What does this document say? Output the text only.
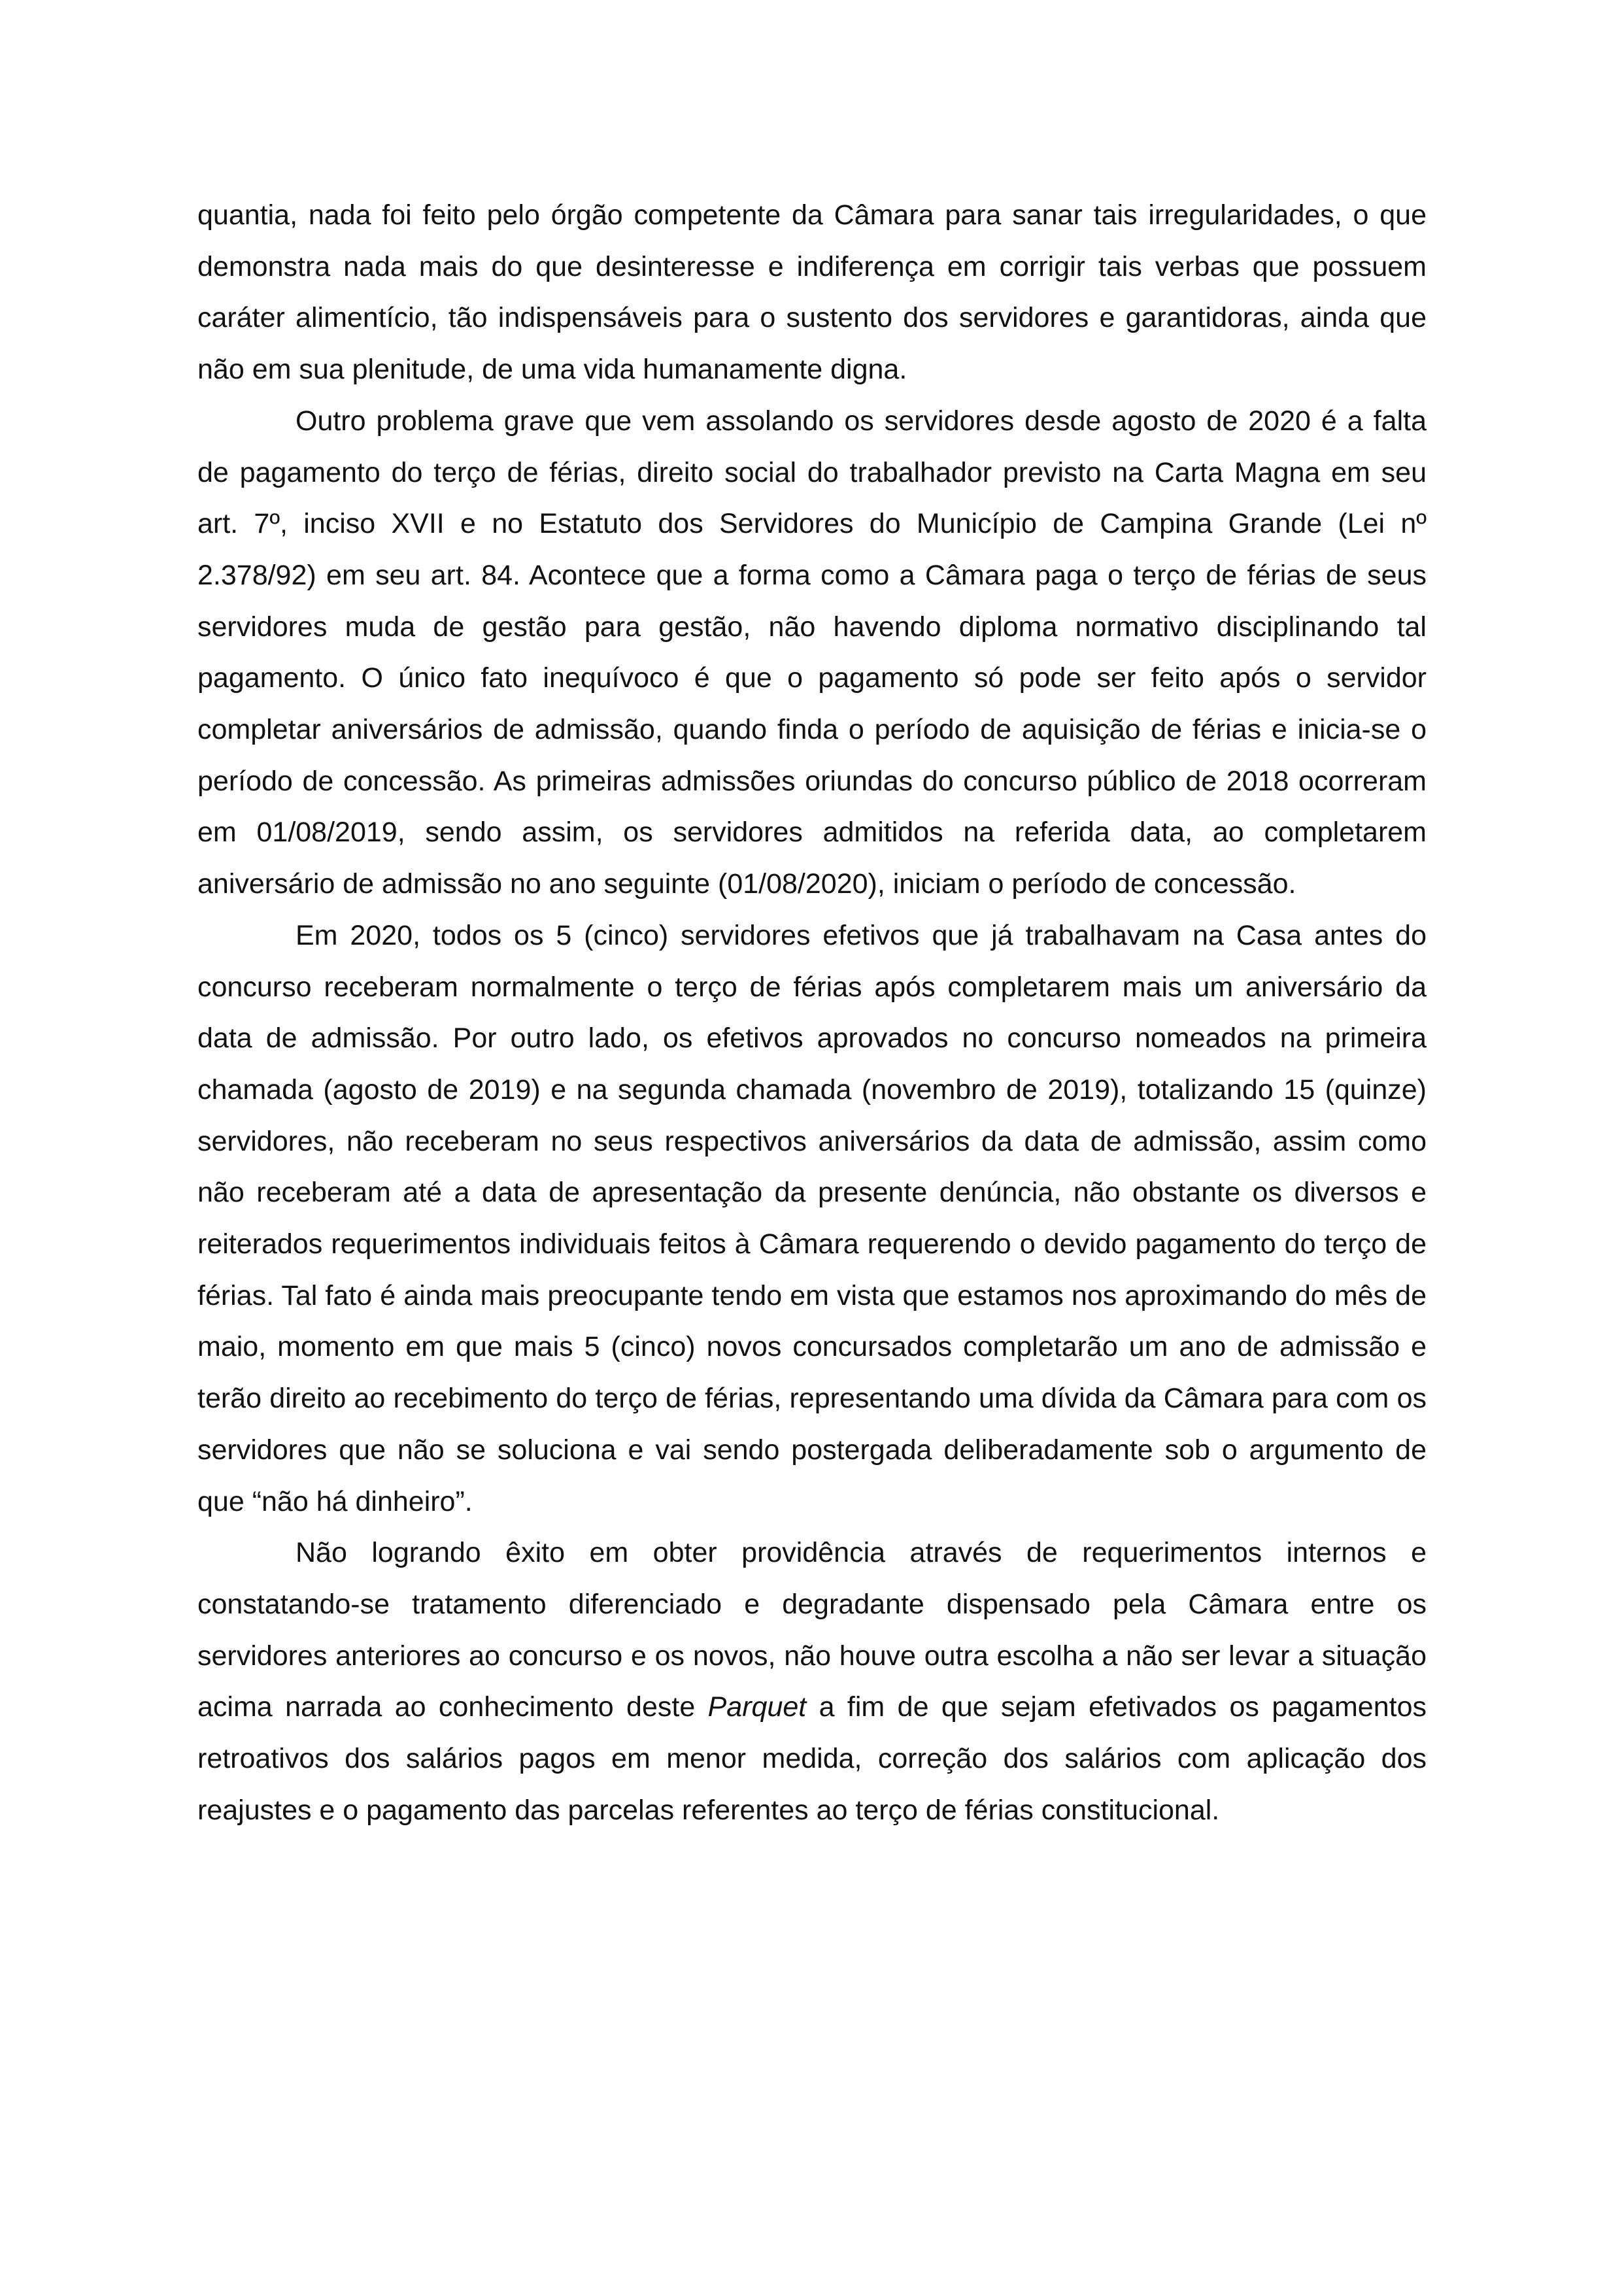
quantia, nada foi feito pelo órgão competente da Câmara para sanar tais irregularidades, o que demonstra nada mais do que desinteresse e indiferença em corrigir tais verbas que possuem caráter alimentício, tão indispensáveis para o sustento dos servidores e garantidoras, ainda que não em sua plenitude, de uma vida humanamente digna.

Outro problema grave que vem assolando os servidores desde agosto de 2020 é a falta de pagamento do terço de férias, direito social do trabalhador previsto na Carta Magna em seu art. 7º, inciso XVII e no Estatuto dos Servidores do Município de Campina Grande (Lei nº 2.378/92) em seu art. 84. Acontece que a forma como a Câmara paga o terço de férias de seus servidores muda de gestão para gestão, não havendo diploma normativo disciplinando tal pagamento. O único fato inequívoco é que o pagamento só pode ser feito após o servidor completar aniversários de admissão, quando finda o período de aquisição de férias e inicia-se o período de concessão. As primeiras admissões oriundas do concurso público de 2018 ocorreram em 01/08/2019, sendo assim, os servidores admitidos na referida data, ao completarem aniversário de admissão no ano seguinte (01/08/2020), iniciam o período de concessão.

Em 2020, todos os 5 (cinco) servidores efetivos que já trabalhavam na Casa antes do concurso receberam normalmente o terço de férias após completarem mais um aniversário da data de admissão. Por outro lado, os efetivos aprovados no concurso nomeados na primeira chamada (agosto de 2019) e na segunda chamada (novembro de 2019), totalizando 15 (quinze) servidores, não receberam no seus respectivos aniversários da data de admissão, assim como não receberam até a data de apresentação da presente denúncia, não obstante os diversos e reiterados requerimentos individuais feitos à Câmara requerendo o devido pagamento do terço de férias. Tal fato é ainda mais preocupante tendo em vista que estamos nos aproximando do mês de maio, momento em que mais 5 (cinco) novos concursados completarão um ano de admissão e terão direito ao recebimento do terço de férias, representando uma dívida da Câmara para com os servidores que não se soluciona e vai sendo postergada deliberadamente sob o argumento de que “não há dinheiro”.

Não logrando êxito em obter providência através de requerimentos internos e constatando-se tratamento diferenciado e degradante dispensado pela Câmara entre os servidores anteriores ao concurso e os novos, não houve outra escolha a não ser levar a situação acima narrada ao conhecimento deste Parquet a fim de que sejam efetivados os pagamentos retroativos dos salários pagos em menor medida, correção dos salários com aplicação dos reajustes e o pagamento das parcelas referentes ao terço de férias constitucional.
